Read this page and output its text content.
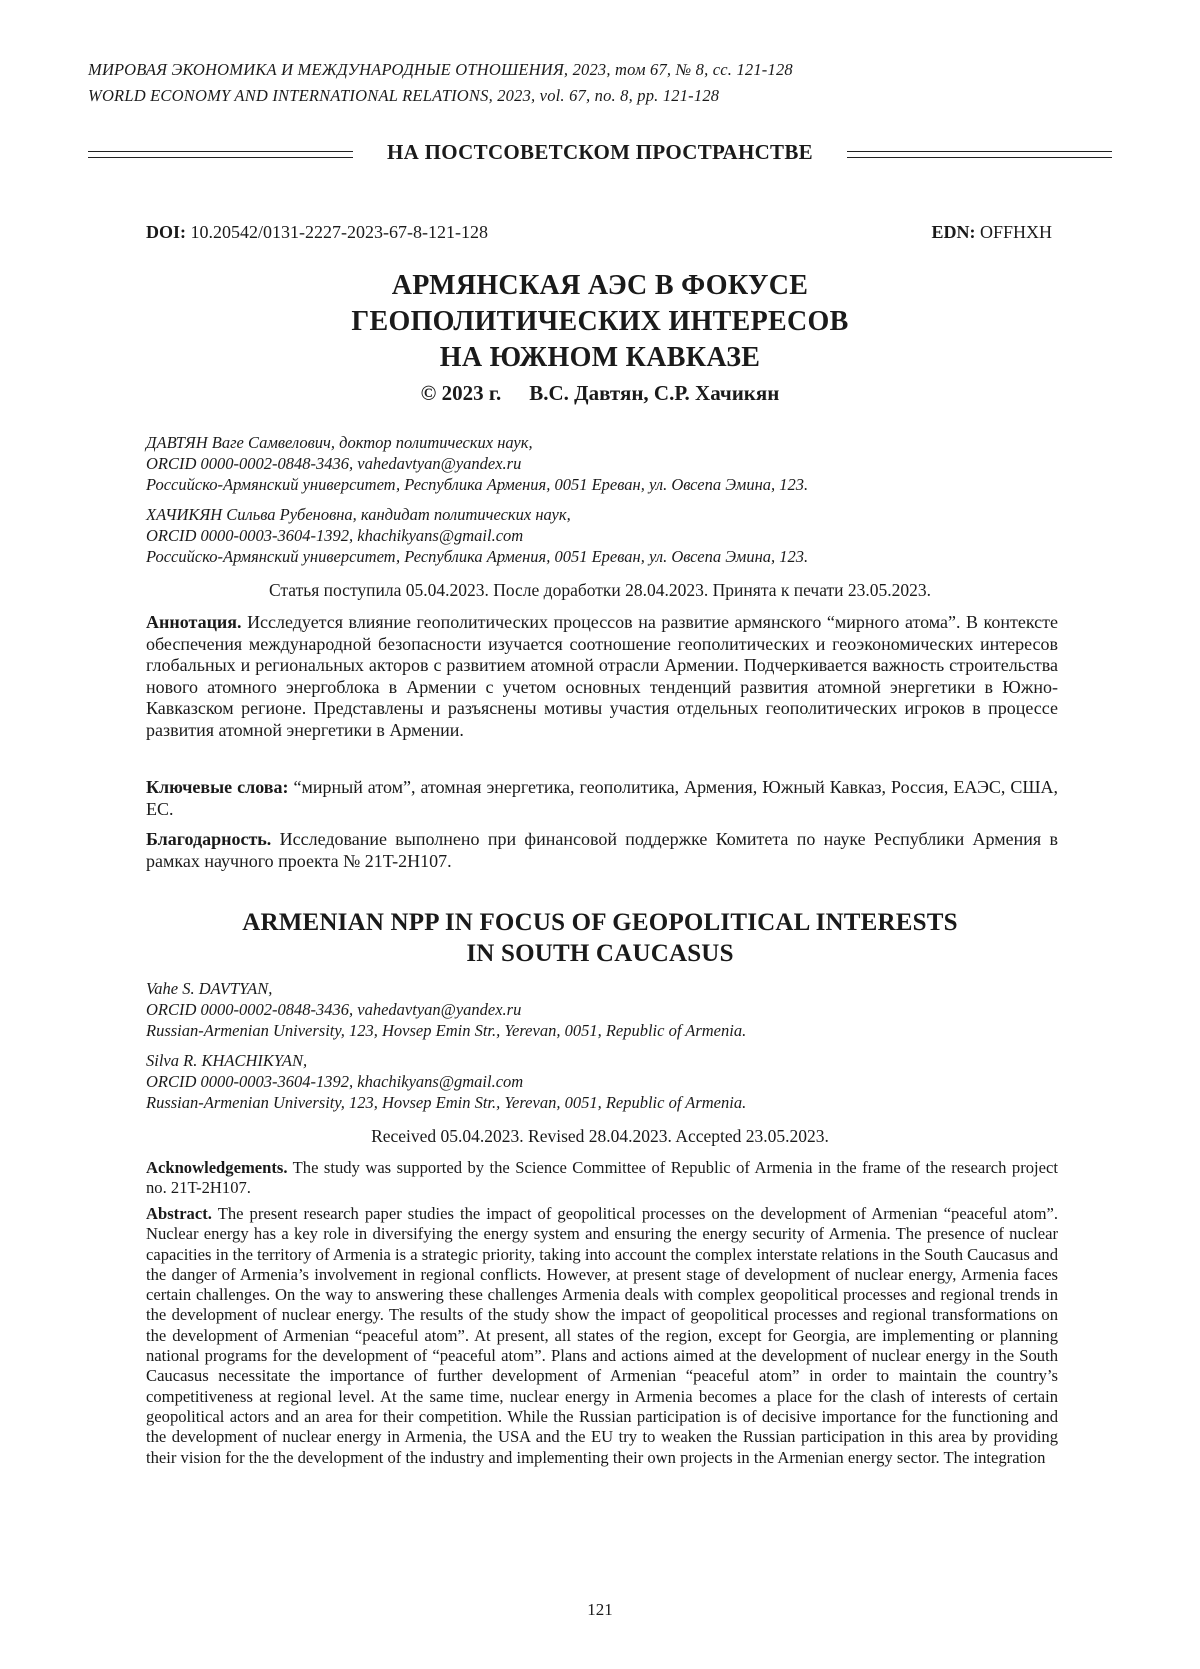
МИРОВАЯ ЭКОНОМИКА И МЕЖДУНАРОДНЫЕ ОТНОШЕНИЯ, 2023, том 67, № 8, сс. 121-128
WORLD ECONOMY AND INTERNATIONAL RELATIONS, 2023, vol. 67, no. 8, pp. 121-128
НА ПОСТСОВЕТСКОМ ПРОСТРАНСТВЕ
DOI: 10.20542/0131-2227-2023-67-8-121-128	EDN: OFFHXH
АРМЯНСКАЯ АЭС В ФОКУСЕ
ГЕОПОЛИТИЧЕСКИХ ИНТЕРЕСОВ
НА ЮЖНОМ КАВКАЗЕ
© 2023 г. В.С. Давтян, С.Р. Хачикян
ДАВТЯН Ваге Самвелович, доктор политических наук,
ORCID 0000-0002-0848-3436, vahedavtyan@yandex.ru
Российско-Армянский университет, Республика Армения, 0051 Ереван, ул. Овсепа Эмина, 123.
ХАЧИКЯН Сильва Рубеновна, кандидат политических наук,
ORCID 0000-0003-3604-1392, khachikyans@gmail.com
Российско-Армянский университет, Республика Армения, 0051 Ереван, ул. Овсепа Эмина, 123.
Статья поступила 05.04.2023. После доработки 28.04.2023. Принята к печати 23.05.2023.
Аннотация. Исследуется влияние геополитических процессов на развитие армянского “мирного атома”. В контексте обеспечения международной безопасности изучается соотношение геополитических и геоэкономических интересов глобальных и региональных акторов с развитием атомной отрасли Армении. Подчеркивается важность строительства нового атомного энергоблока в Армении с учетом основных тенденций развития атомной энергетики в Южно-Кавказском регионе. Представлены и разъяснены мотивы участия отдельных геополитических игроков в процессе развития атомной энергетики в Армении.
Ключевые слова: “мирный атом”, атомная энергетика, геополитика, Армения, Южный Кавказ, Россия, ЕАЭС, США, ЕС.
Благодарность. Исследование выполнено при финансовой поддержке Комитета по науке Республики Армения в рамках научного проекта № 21T-2H107.
ARMENIAN NPP IN FOCUS OF GEOPOLITICAL INTERESTS
IN SOUTH CAUCASUS
Vahe S. DAVTYAN,
ORCID 0000-0002-0848-3436, vahedavtyan@yandex.ru
Russian-Armenian University, 123, Hovsep Emin Str., Yerevan, 0051, Republic of Armenia.
Silva R. KHACHIKYAN,
ORCID 0000-0003-3604-1392, khachikyans@gmail.com
Russian-Armenian University, 123, Hovsep Emin Str., Yerevan, 0051, Republic of Armenia.
Received 05.04.2023. Revised 28.04.2023. Accepted 23.05.2023.
Acknowledgements. The study was supported by the Science Committee of Republic of Armenia in the frame of the research project no. 21T-2H107.
Abstract. The present research paper studies the impact of geopolitical processes on the development of Armenian “peaceful atom”. Nuclear energy has a key role in diversifying the energy system and ensuring the energy security of Armenia. The presence of nuclear capacities in the territory of Armenia is a strategic priority, taking into account the complex interstate relations in the South Caucasus and the danger of Armenia’s involvement in regional conflicts. However, at present stage of development of nuclear energy, Armenia faces certain challenges. On the way to answering these challenges Armenia deals with complex geopolitical processes and regional trends in the development of nuclear energy. The results of the study show the impact of geopolitical processes and regional transformations on the development of Armenian “peaceful atom”. At present, all states of the region, except for Georgia, are implementing or planning national programs for the development of “peaceful atom”. Plans and actions aimed at the development of nuclear energy in the South Caucasus necessitate the importance of further development of Armenian “peaceful atom” in order to maintain the country’s competitiveness at regional level. At the same time, nuclear energy in Armenia becomes a place for the clash of interests of certain geopolitical actors and an area for their competition. While the Russian participation is of decisive importance for the functioning and the development of nuclear energy in Armenia, the USA and the EU try to weaken the Russian participation in this area by providing their vision for the the development of the industry and implementing their own projects in the Armenian energy sector. The integration
121
